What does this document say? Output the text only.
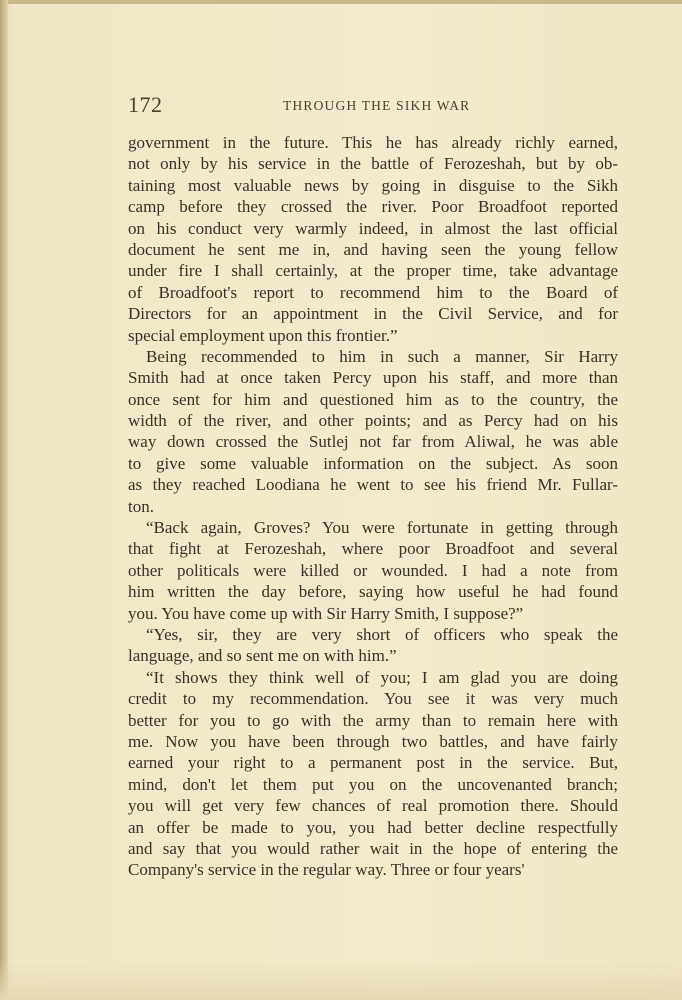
172	THROUGH THE SIKH WAR
government in the future. This he has already richly earned,
not only by his service in the battle of Ferozeshah, but by ob-
taining most valuable news by going in disguise to the Sikh
camp before they crossed the river. Poor Broadfoot reported
on his conduct very warmly indeed, in almost the last official
document he sent me in, and having seen the young fellow
under fire I shall certainly, at the proper time, take advantage
of Broadfoot's report to recommend him to the Board of
Directors for an appointment in the Civil Service, and for
special employment upon this frontier.”
Being recommended to him in such a manner, Sir Harry
Smith had at once taken Percy upon his staff, and more than
once sent for him and questioned him as to the country, the
width of the river, and other points; and as Percy had on his
way down crossed the Sutlej not far from Aliwal, he was able
to give some valuable information on the subject. As soon
as they reached Loodiana he went to see his friend Mr. Fullar-
ton.
“Back again, Groves? You were fortunate in getting through
that fight at Ferozeshah, where poor Broadfoot and several
other politicals were killed or wounded. I had a note from
him written the day before, saying how useful he had found
you. You have come up with Sir Harry Smith, I suppose?”
“Yes, sir, they are very short of officers who speak the
language, and so sent me on with him.”
“It shows they think well of you; I am glad you are doing
credit to my recommendation. You see it was very much
better for you to go with the army than to remain here with
me. Now you have been through two battles, and have fairly
earned your right to a permanent post in the service. But,
mind, don't let them put you on the uncovenanted branch;
you will get very few chances of real promotion there. Should
an offer be made to you, you had better decline respectfully
and say that you would rather wait in the hope of entering the
Company's service in the regular way. Three or four years'
